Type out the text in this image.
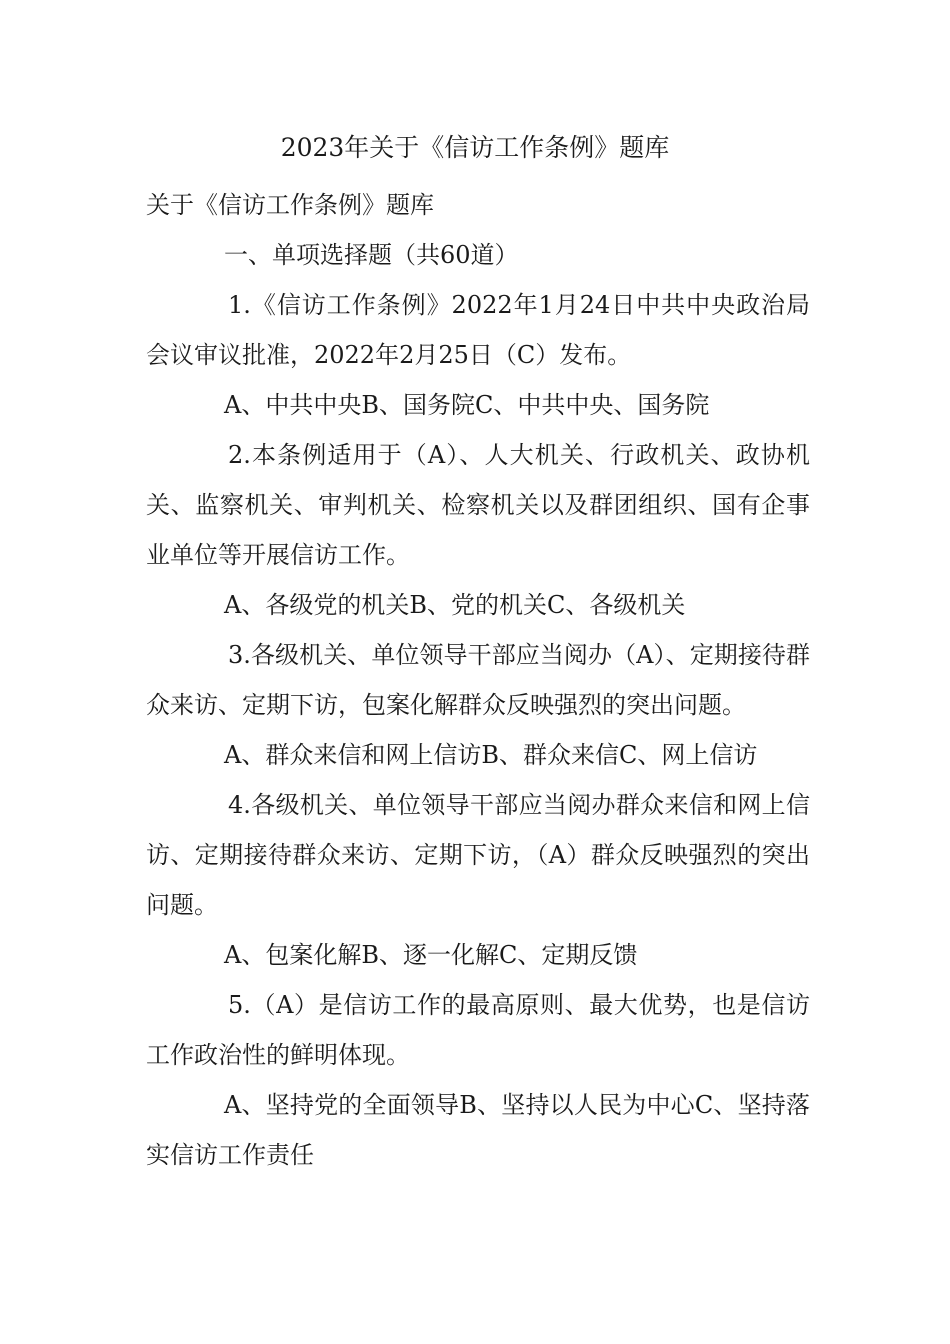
2023年关于《信访工作条例》题库

关于《信访工作条例》题库

一、单项选择题（共60道）

1.《信访工作条例》2022年1月24日中共中央政治局会议审议批准，2022年2月25日（C）发布。

A、中共中央B、国务院C、中共中央、国务院

2.本条例适用于（A）、人大机关、行政机关、政协机关、监察机关、审判机关、检察机关以及群团组织、国有企事业单位等开展信访工作。

A、各级党的机关B、党的机关C、各级机关

3.各级机关、单位领导干部应当阅办（A）、定期接待群众来访、定期下访，包案化解群众反映强烈的突出问题。

A、群众来信和网上信访B、群众来信C、网上信访

4.各级机关、单位领导干部应当阅办群众来信和网上信访、定期接待群众来访、定期下访，（A）群众反映强烈的突出问题。

A、包案化解B、逐一化解C、定期反馈

5.（A）是信访工作的最高原则、最大优势，也是信访工作政治性的鲜明体现。

A、坚持党的全面领导B、坚持以人民为中心C、坚持落实信访工作责任
